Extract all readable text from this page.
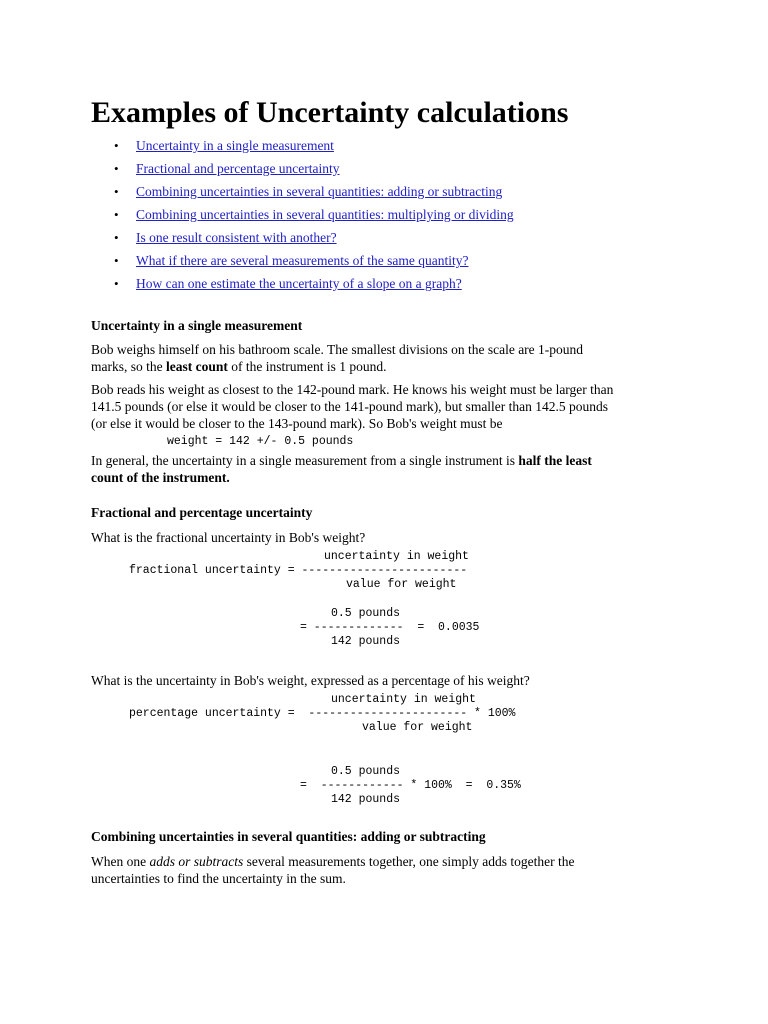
Examples of Uncertainty calculations
• Uncertainty in a single measurement
• Fractional and percentage uncertainty
• Combining uncertainties in several quantities: adding or subtracting
• Combining uncertainties in several quantities: multiplying or dividing
• Is one result consistent with another?
• What if there are several measurements of the same quantity?
• How can one estimate the uncertainty of a slope on a graph?
Uncertainty in a single measurement

Bob weighs himself on his bathroom scale. The smallest divisions on the scale are 1-pound

marks, so the least count of the instrument is 1 pound.

Bob reads his weight as closest to the 142-pound mark. He knows his weight must be larger than

141.5 pounds (or else it would be closer to the 141-pound mark), but smaller than 142.5 pounds

(or else it would be closer to the 143-pound mark). So Bob's weight must be

weight = 142 +/- 0.5 pounds

In general, the uncertainty in a single measurement from a single instrument is half the least

count of the instrument.

Fractional and percentage uncertainty

What is the fractional uncertainty in Bob's weight?

uncertainty in weight
fractional uncertainty = ------------------------
value for weight
0.5 pounds
= -------------  =  0.0035
142 pounds

What is the uncertainty in Bob's weight, expressed as a percentage of his weight?

uncertainty in weight
percentage uncertainty =  ----------------------- * 100%
value for weight
0.5 pounds
=  ------------ * 100%  =  0.35%
142 pounds
Combining uncertainties in several quantities: adding or subtracting

When one adds or subtracts several measurements together, one simply adds together the

uncertainties to find the uncertainty in the sum.
